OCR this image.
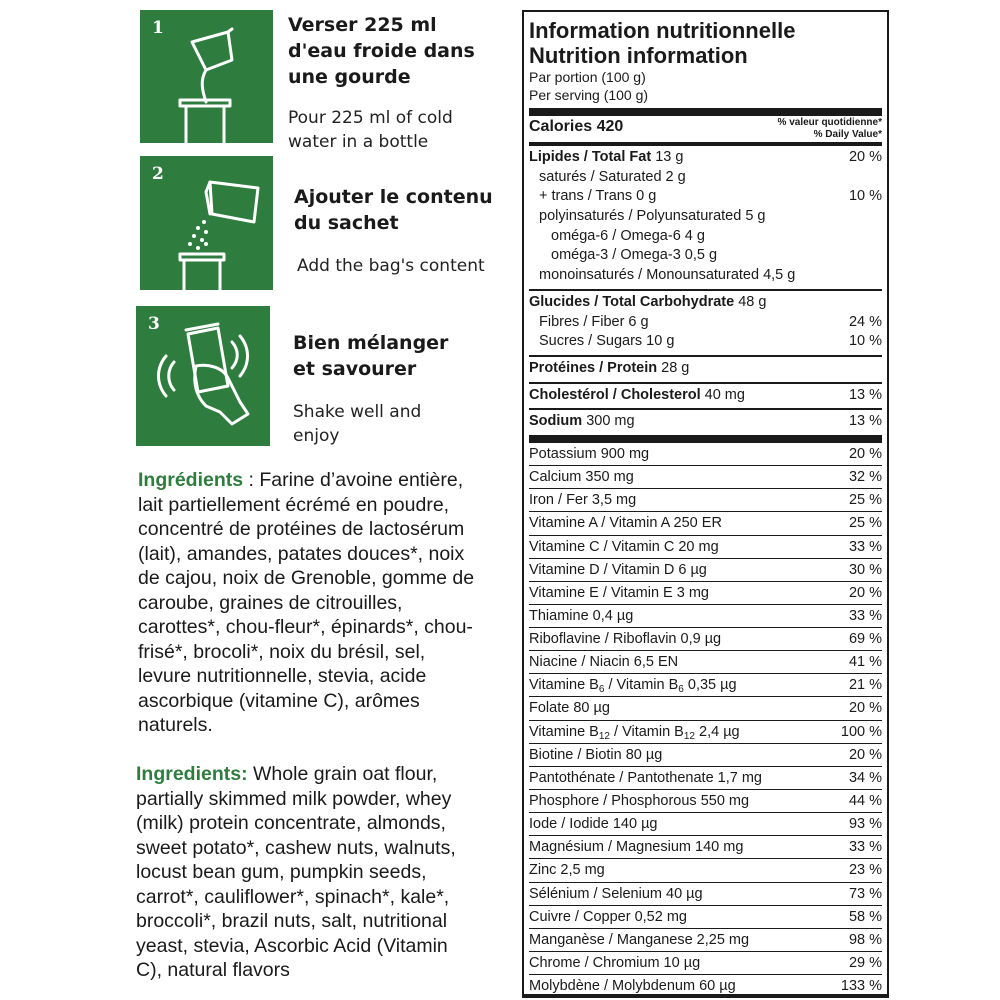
1	Verser 225 ml
d'eau froide dans
une gourde
Pour 225 ml of cold
water in a bottle
2
Ajouter le contenu
du sachet
Add the bag's content
3
Bien mélanger
et savourer
Shake well and
enjoy
Ingrédients : Farine d’avoine entière,
lait partiellement écrémé en poudre,
concentré de protéines de lactosérum
(lait), amandes, patates douces*, noix
de cajou, noix de Grenoble, gomme de
caroube, graines de citrouilles,
carottes*, chou-fleur*, épinards*, chou-
frisé*, brocoli*, noix du brésil, sel,
levure nutritionnelle, stevia, acide
ascorbique (vitamine C), arômes
naturels.
Ingredients: Whole grain oat flour,
partially skimmed milk powder, whey
(milk) protein concentrate, almonds,
sweet potato*, cashew nuts, walnuts,
locust bean gum, pumpkin seeds,
carrot*, cauliflower*, spinach*, kale*,
broccoli*, brazil nuts, salt, nutritional
yeast, stevia, Ascorbic Acid (Vitamin
C), natural flavors
Information nutritionnelle
Nutrition information
Par portion (100 g)
Per serving (100 g)
Calories 420	% valeur quotidienne*
% Daily Value*
Lipides / Total Fat 13 g	20 %
saturés / Saturated 2 g
+ trans / Trans 0 g	10 %
polyinsaturés / Polyunsaturated 5 g
oméga-6 / Omega-6 4 g
oméga-3 / Omega-3 0,5 g
monoinsaturés / Monounsaturated 4,5 g
Glucides / Total Carbohydrate 48 g
Fibres / Fiber 6 g	24 %
Sucres / Sugars 10 g	10 %
Protéines / Protein 28 g
Cholestérol / Cholesterol 40 mg	13 %
Sodium 300 mg	13 %
Potassium 900 mg	20 %
Calcium 350 mg	32 %
Iron / Fer 3,5 mg	25 %
Vitamine A / Vitamin A 250 ER	25 %
Vitamine C / Vitamin C 20 mg	33 %
Vitamine D / Vitamin D 6 µg	30 %
Vitamine E / Vitamin E 3 mg	20 %
Thiamine 0,4 µg	33 %
Riboflavine / Riboflavin 0,9 µg	69 %
Niacine / Niacin 6,5 EN	41 %
Vitamine $B_6$ / Vitamin $B_6$ 0,35 µg	21 %
Folate 80 µg	20 %
Vitamine $B_{12}$ / Vitamin $B_{12}$ 2,4 µg	100 %
Biotine / Biotin 80 µg	20 %
Pantothénate / Pantothenate 1,7 mg	34 %
Phosphore / Phosphorous 550 mg	44 %
Iode / Iodide 140 µg	93 %
Magnésium / Magnesium 140 mg	33 %
Zinc 2,5 mg	23 %
Sélénium / Selenium 40 µg	73 %
Cuivre / Copper 0,52 mg	58 %
Manganèse / Manganese 2,25 mg	98 %
Chrome / Chromium 10 µg	29 %
Molybdène / Molybdenum 60 µg	133 %
